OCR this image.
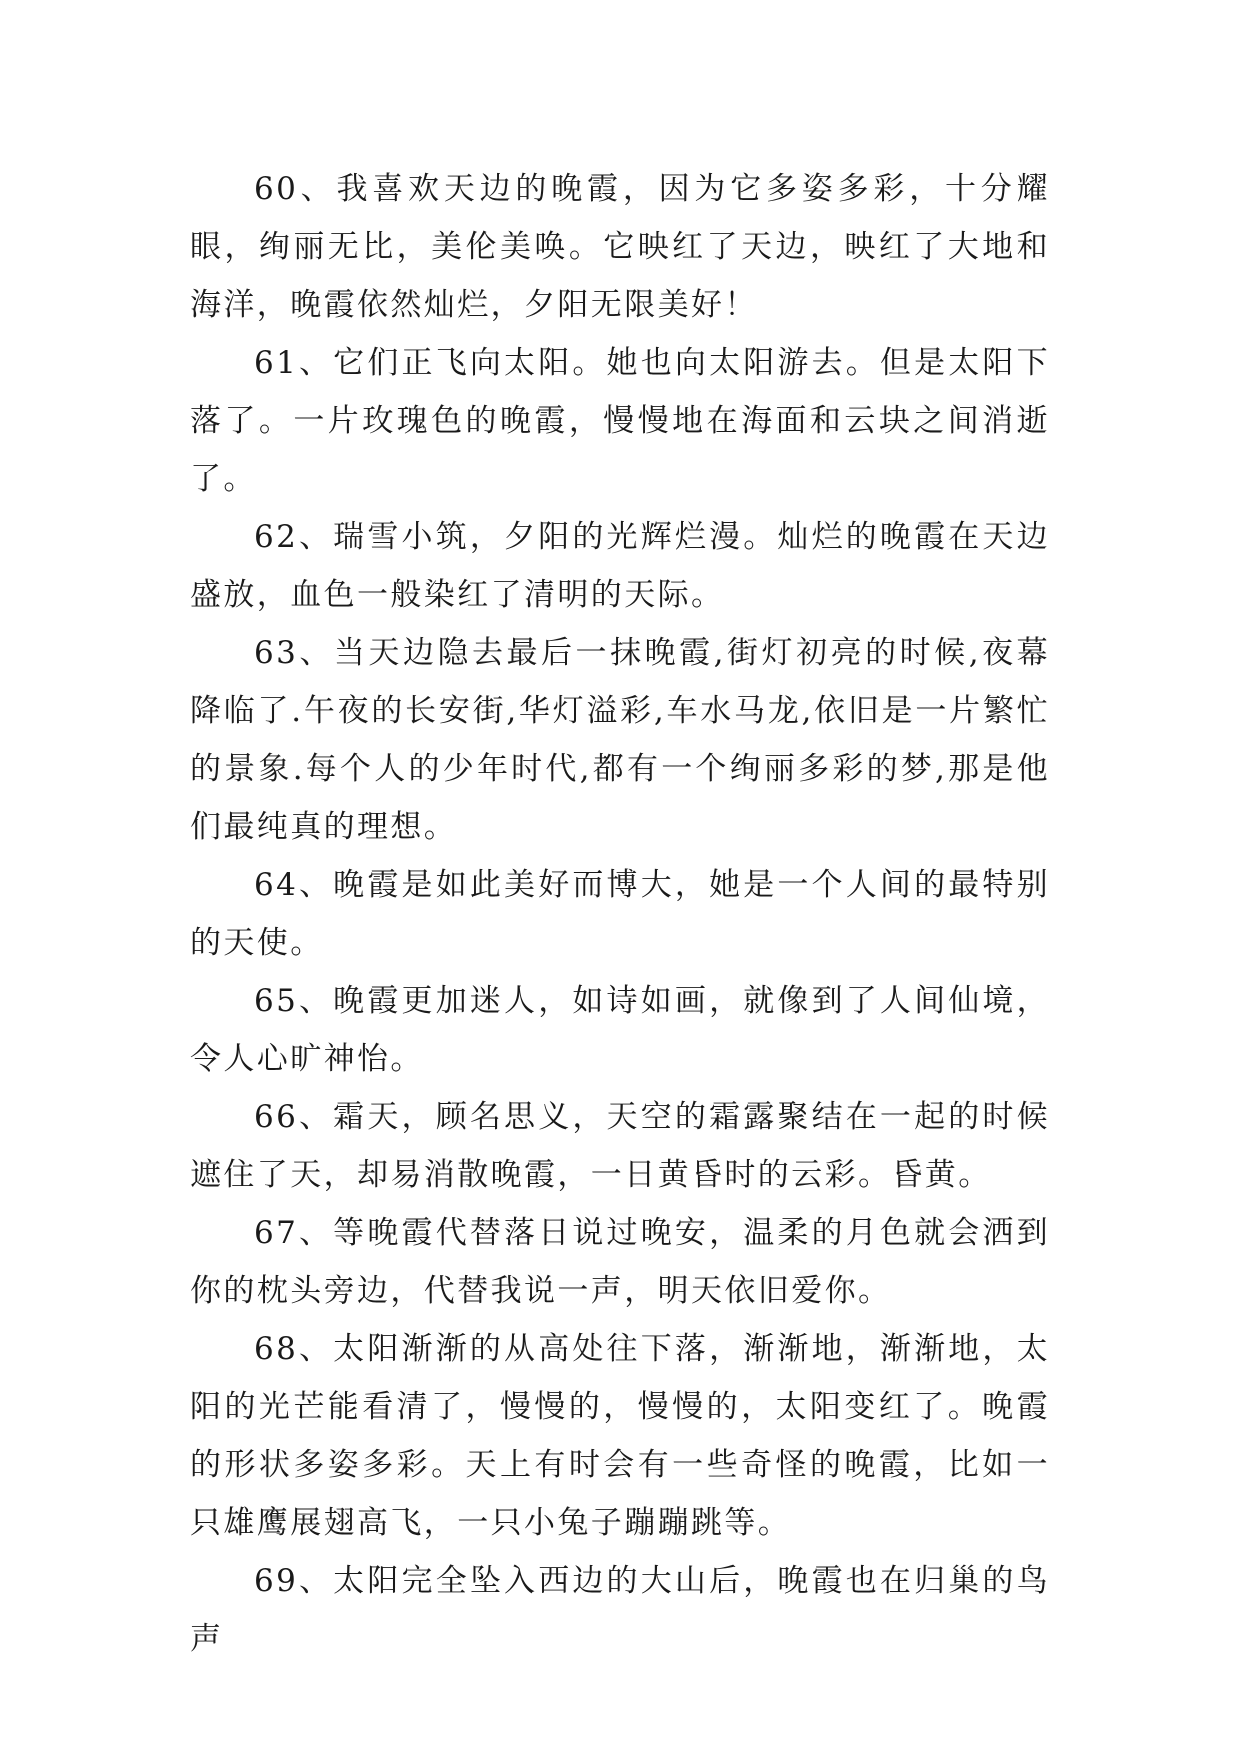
60、我喜欢天边的晚霞，因为它多姿多彩，十分耀眼，绚丽无比，美伦美唤。它映红了天边，映红了大地和海洋，晚霞依然灿烂，夕阳无限美好！

61、它们正飞向太阳。她也向太阳游去。但是太阳下落了。一片玫瑰色的晚霞，慢慢地在海面和云块之间消逝了。

62、瑞雪小筑，夕阳的光辉烂漫。灿烂的晚霞在天边盛放，血色一般染红了清明的天际。

63、当天边隐去最后一抹晚霞,街灯初亮的时候,夜幕降临了.午夜的长安街,华灯溢彩,车水马龙,依旧是一片繁忙的景象.每个人的少年时代,都有一个绚丽多彩的梦,那是他们最纯真的理想。

64、晚霞是如此美好而博大，她是一个人间的最特别的天使。

65、晚霞更加迷人，如诗如画，就像到了人间仙境，令人心旷神怡。

66、霜天，顾名思义，天空的霜露聚结在一起的时候遮住了天，却易消散晚霞，一日黄昏时的云彩。昏黄。

67、等晚霞代替落日说过晚安，温柔的月色就会洒到你的枕头旁边，代替我说一声，明天依旧爱你。

68、太阳渐渐的从高处往下落，渐渐地，渐渐地，太阳的光芒能看清了，慢慢的，慢慢的，太阳变红了。晚霞的形状多姿多彩。天上有时会有一些奇怪的晚霞，比如一只雄鹰展翅高飞，一只小兔子蹦蹦跳等。

69、太阳完全坠入西边的大山后，晚霞也在归巢的鸟声
